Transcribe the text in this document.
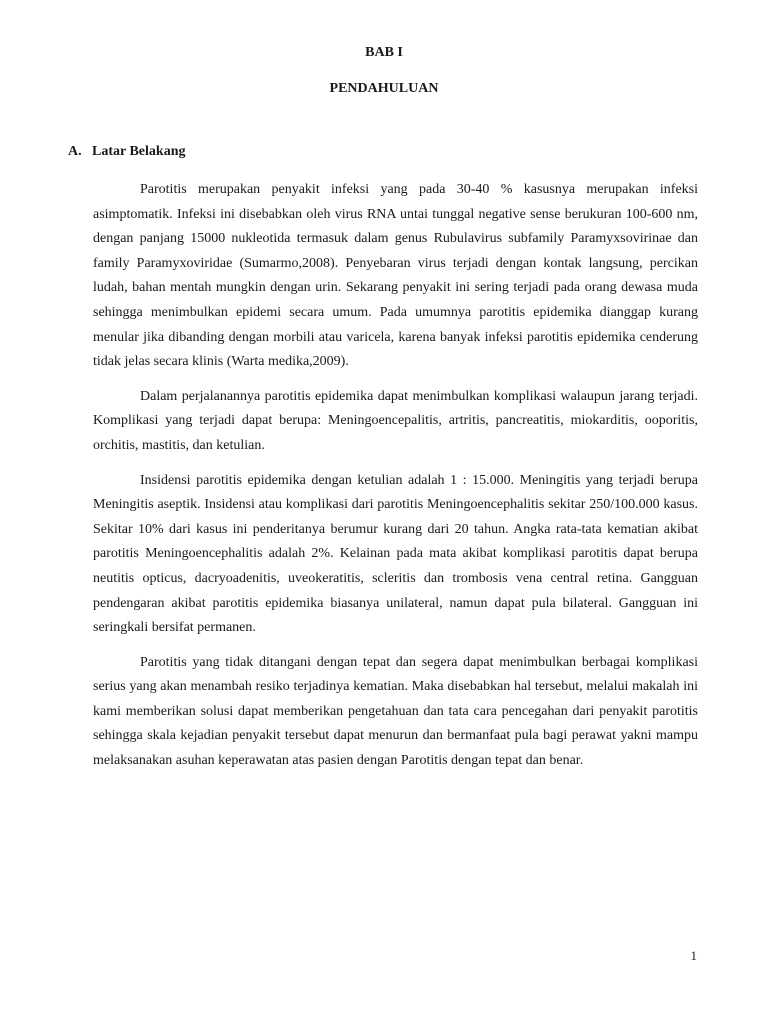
BAB I
PENDAHULUAN
A. Latar Belakang

Parotitis merupakan penyakit infeksi yang pada 30-40 % kasusnya merupakan infeksi asimptomatik. Infeksi ini disebabkan oleh virus RNA untai tunggal negative sense berukuran 100-600 nm, dengan panjang 15000 nukleotida termasuk dalam genus Rubulavirus subfamily Paramyxsovirinae dan family Paramyxoviridae (Sumarmo,2008). Penyebaran virus terjadi dengan kontak langsung, percikan ludah, bahan mentah mungkin dengan urin. Sekarang penyakit ini sering terjadi pada orang dewasa muda sehingga menimbulkan epidemi secara umum. Pada umumnya parotitis epidemika dianggap kurang menular jika dibanding dengan morbili atau varicela, karena banyak infeksi parotitis epidemika cenderung tidak jelas secara klinis (Warta medika,2009).

Dalam perjalanannya parotitis epidemika dapat menimbulkan komplikasi walaupun jarang terjadi. Komplikasi yang terjadi dapat berupa: Meningoencepalitis, artritis, pancreatitis, miokarditis, ooporitis, orchitis, mastitis, dan ketulian.

Insidensi parotitis epidemika dengan ketulian adalah 1 : 15.000. Meningitis yang terjadi berupa Meningitis aseptik. Insidensi atau komplikasi dari parotitis Meningoencephalitis sekitar 250/100.000 kasus. Sekitar 10% dari kasus ini penderitanya berumur kurang dari 20 tahun. Angka rata-tata kematian akibat parotitis Meningoencephalitis adalah 2%. Kelainan pada mata akibat komplikasi parotitis dapat berupa neutitis opticus, dacryoadenitis, uveokeratitis, scleritis dan trombosis vena central retina. Gangguan pendengaran akibat parotitis epidemika biasanya unilateral, namun dapat pula bilateral. Gangguan ini seringkali bersifat permanen.

Parotitis yang tidak ditangani dengan tepat dan segera dapat menimbulkan berbagai komplikasi serius yang akan menambah resiko terjadinya kematian. Maka disebabkan hal tersebut, melalui makalah ini kami memberikan solusi dapat memberikan pengetahuan dan tata cara pencegahan dari penyakit parotitis sehingga skala kejadian penyakit tersebut dapat menurun dan bermanfaat pula bagi perawat yakni mampu melaksanakan asuhan keperawatan atas pasien dengan Parotitis dengan tepat dan benar.

1
